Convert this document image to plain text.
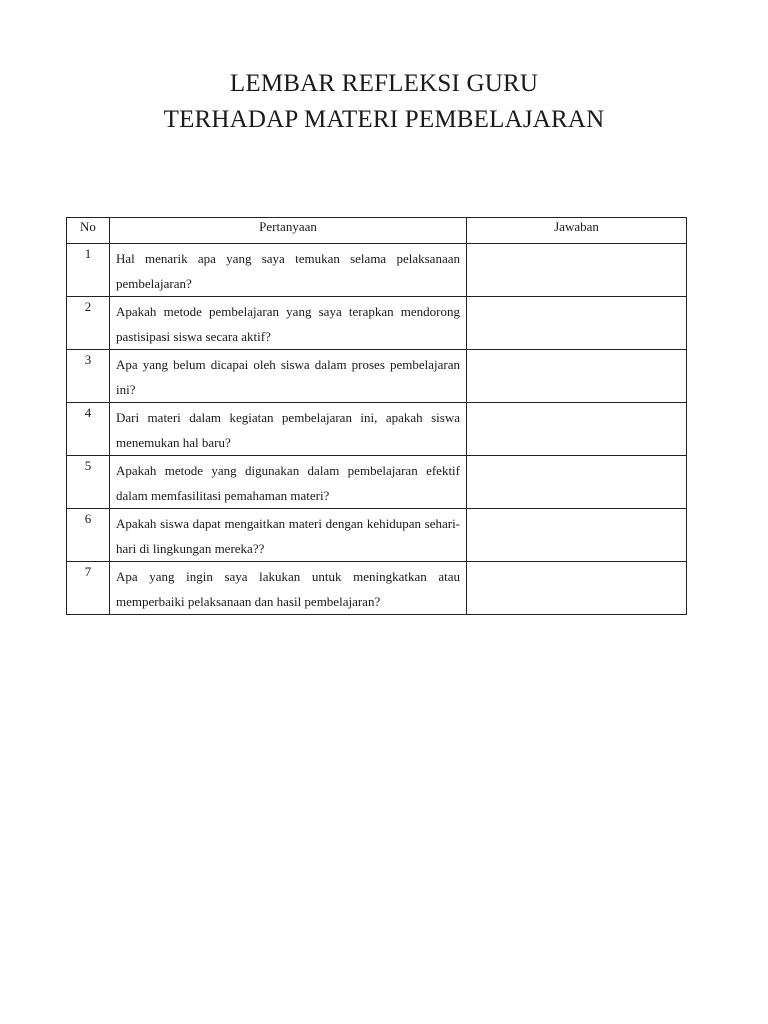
LEMBAR REFLEKSI GURU
TERHADAP MATERI PEMBELAJARAN
No	Pertanyaan	Jawaban
1	Hal menarik apa yang saya temukan selama pelaksanaan pembelajaran?	
2	Apakah metode pembelajaran yang saya terapkan mendorong pastisipasi siswa secara aktif?	
3	Apa yang belum dicapai oleh siswa dalam proses pembelajaran ini?	
4	Dari materi dalam kegiatan pembelajaran ini, apakah siswa menemukan hal baru?	
5	Apakah metode yang digunakan dalam pembelajaran efektif dalam memfasilitasi pemahaman materi?	
6	Apakah siswa dapat mengaitkan materi dengan kehidupan sehari-hari di lingkungan mereka??	
7	Apa yang ingin saya lakukan untuk meningkatkan atau memperbaiki pelaksanaan dan hasil pembelajaran?	
